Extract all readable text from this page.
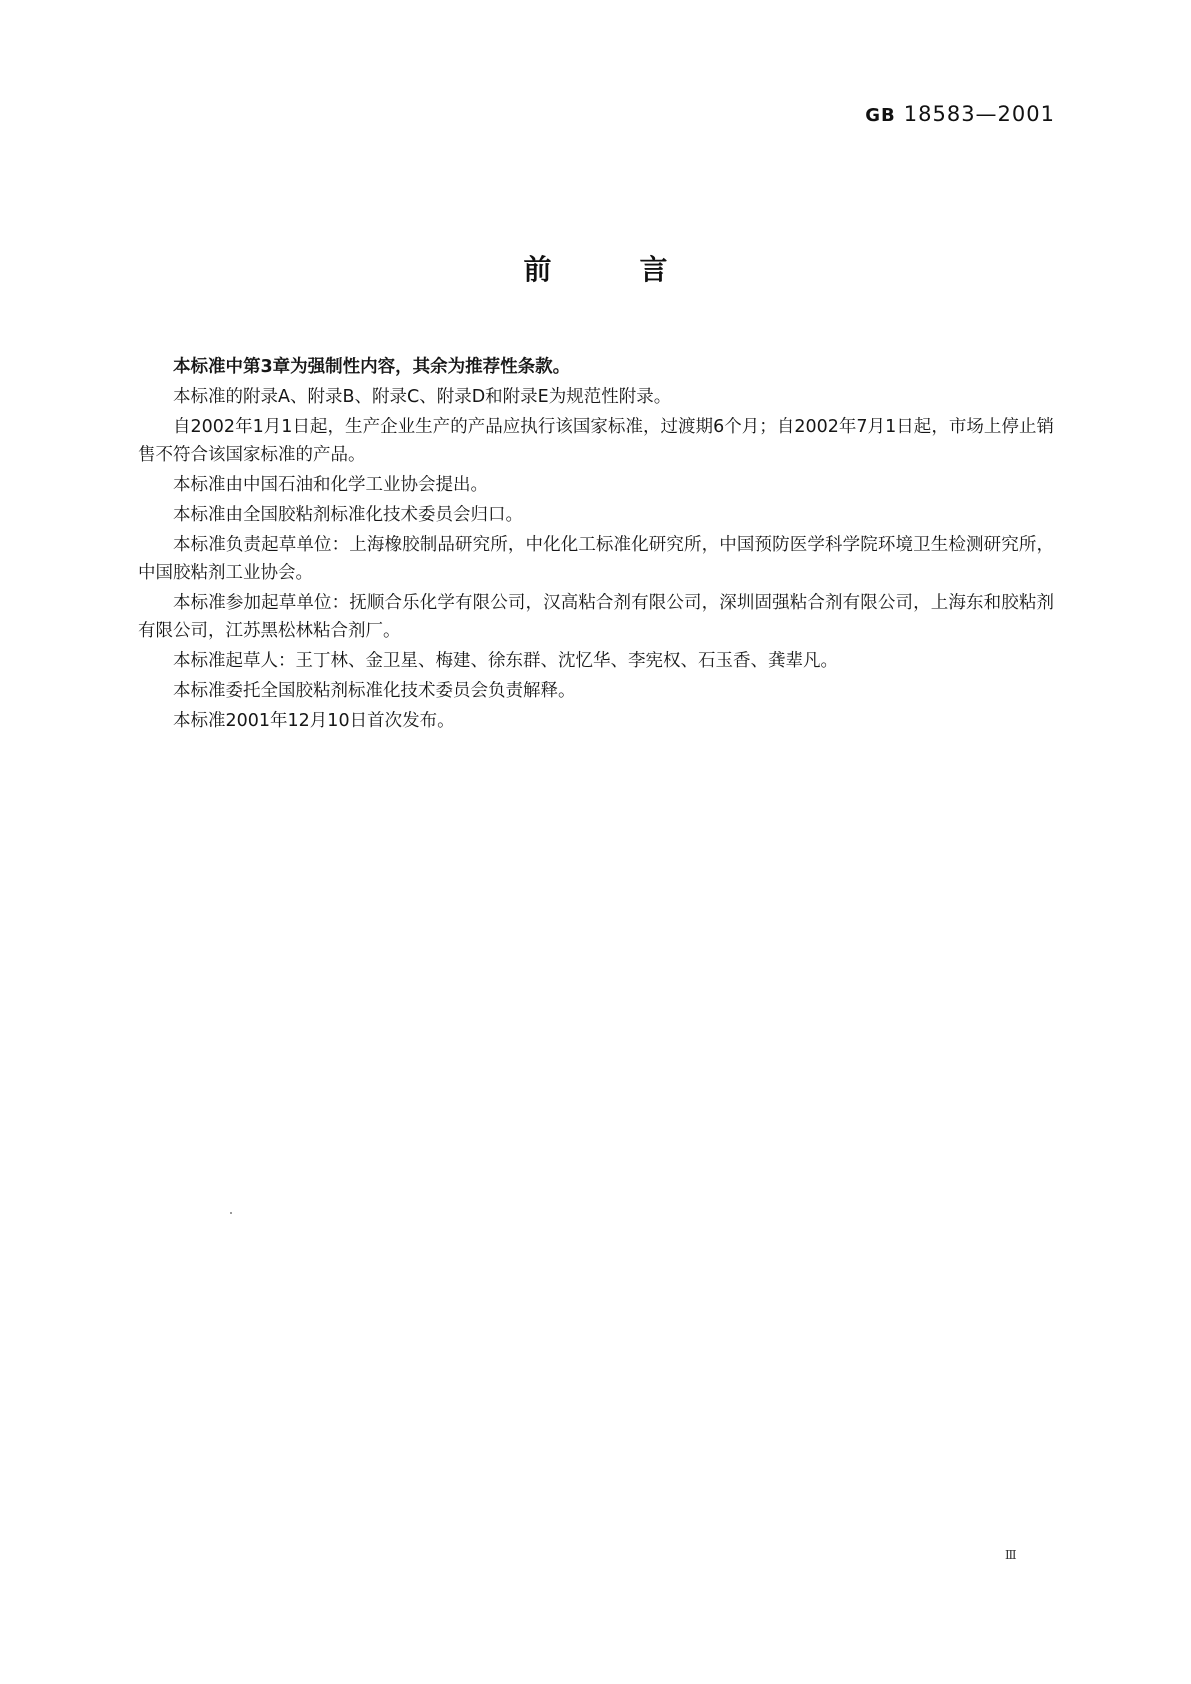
GB 18583—2001
前言

本标准中第3章为强制性内容，其余为推荐性条款。

本标准的附录A、附录B、附录C、附录D和附录E为规范性附录。

自2002年1月1日起，生产企业生产的产品应执行该国家标准，过渡期6个月；自2002年7月1日起，市场上停止销售不符合该国家标准的产品。

本标准由中国石油和化学工业协会提出。

本标准由全国胶粘剂标准化技术委员会归口。

本标准负责起草单位：上海橡胶制品研究所，中化化工标准化研究所，中国预防医学科学院环境卫生检测研究所，中国胶粘剂工业协会。

本标准参加起草单位：抚顺合乐化学有限公司，汉高粘合剂有限公司，深圳固强粘合剂有限公司，上海东和胶粘剂有限公司，江苏黑松林粘合剂厂。

本标准起草人：王丁林、金卫星、梅建、徐东群、沈忆华、李宪权、石玉香、龚辈凡。

本标准委托全国胶粘剂标准化技术委员会负责解释。

本标准2001年12月10日首次发布。

Ⅲ
